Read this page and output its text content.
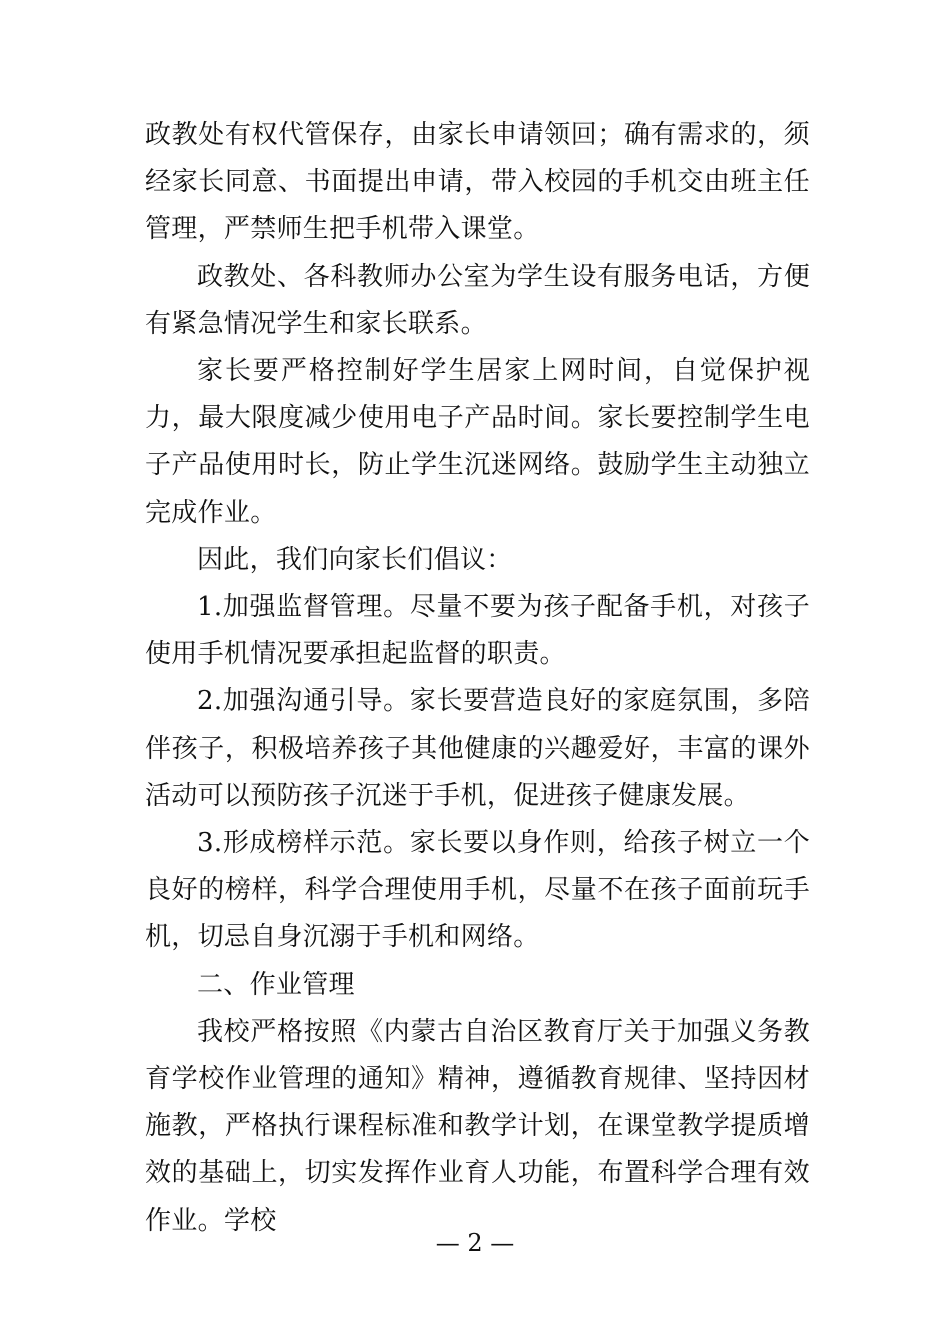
政教处有权代管保存，由家长申请领回；确有需求的，须经家长同意、书面提出申请，带入校园的手机交由班主任管理，严禁师生把手机带入课堂。

政教处、各科教师办公室为学生设有服务电话，方便有紧急情况学生和家长联系。

家长要严格控制好学生居家上网时间，自觉保护视力，最大限度减少使用电子产品时间。家长要控制学生电子产品使用时长，防止学生沉迷网络。鼓励学生主动独立完成作业。

因此，我们向家长们倡议：

1.加强监督管理。尽量不要为孩子配备手机，对孩子使用手机情况要承担起监督的职责。

2.加强沟通引导。家长要营造良好的家庭氛围，多陪伴孩子，积极培养孩子其他健康的兴趣爱好，丰富的课外活动可以预防孩子沉迷于手机，促进孩子健康发展。

3.形成榜样示范。家长要以身作则，给孩子树立一个良好的榜样，科学合理使用手机，尽量不在孩子面前玩手机，切忌自身沉溺于手机和网络。

二、作业管理

我校严格按照《内蒙古自治区教育厅关于加强义务教育学校作业管理的通知》精神，遵循教育规律、坚持因材施教，严格执行课程标准和教学计划，在课堂教学提质增效的基础上，切实发挥作业育人功能，布置科学合理有效作业。学校

— 2 —
